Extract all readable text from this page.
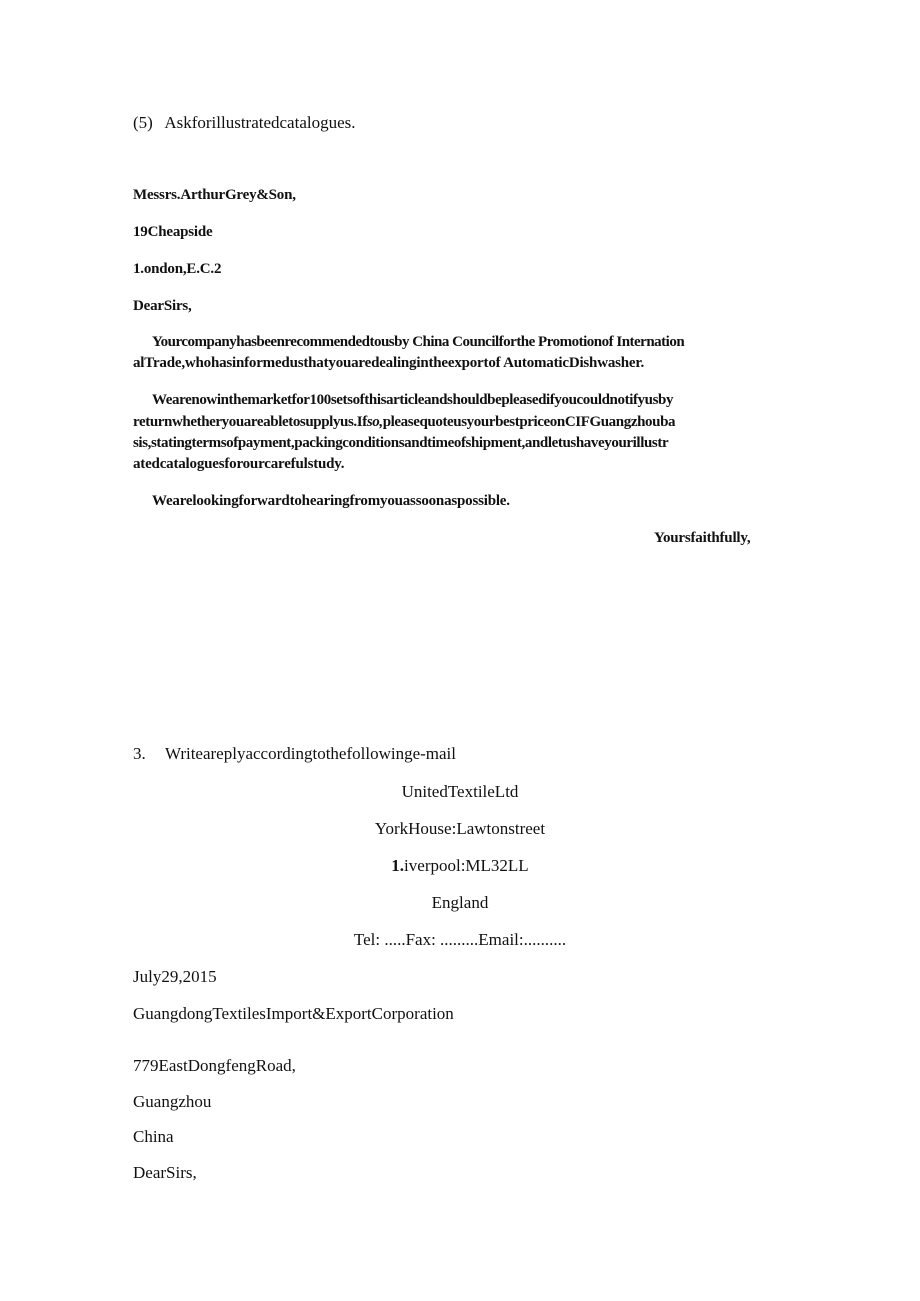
(5) Askforillustratedcatalogues.
Messrs.ArthurGrey&Son,
19Cheapside
1.ondon,E.C.2
DearSirs,
Yourcompanyhasbeenrecommendedtousby China Councilforthe Promotionof Internation
alTrade,whohasinformedusthatyouaredealingintheexportof AutomaticDishwasher.
Wearenowinthemarketfor100setsofthisarticleandshouldbepleasedifyoucouldnotifyusby
returnwhetheryouareabletosupplyus.Ifso,pleasequoteusyourbestpriceonCIFGuangzhouba
sis,statingtermsofpayment,packingconditionsandtimeofshipment,andletushaveyourillustr
atedcataloguesforourcarefulstudy.
Wearelookingforwardtohearingfromyouassoonaspossible.
Yoursfaithfully,
3. Writeareplyaccordingtothefollowinge-mail
UnitedTextileLtd
YorkHouse:Lawtonstreet
1.iverpool:ML32LL
England
Tel: .....Fax: .........Email:..........
July29,2015
GuangdongTextilesImport&ExportCorporation
779EastDongfengRoad,
Guangzhou
China
DearSirs,
